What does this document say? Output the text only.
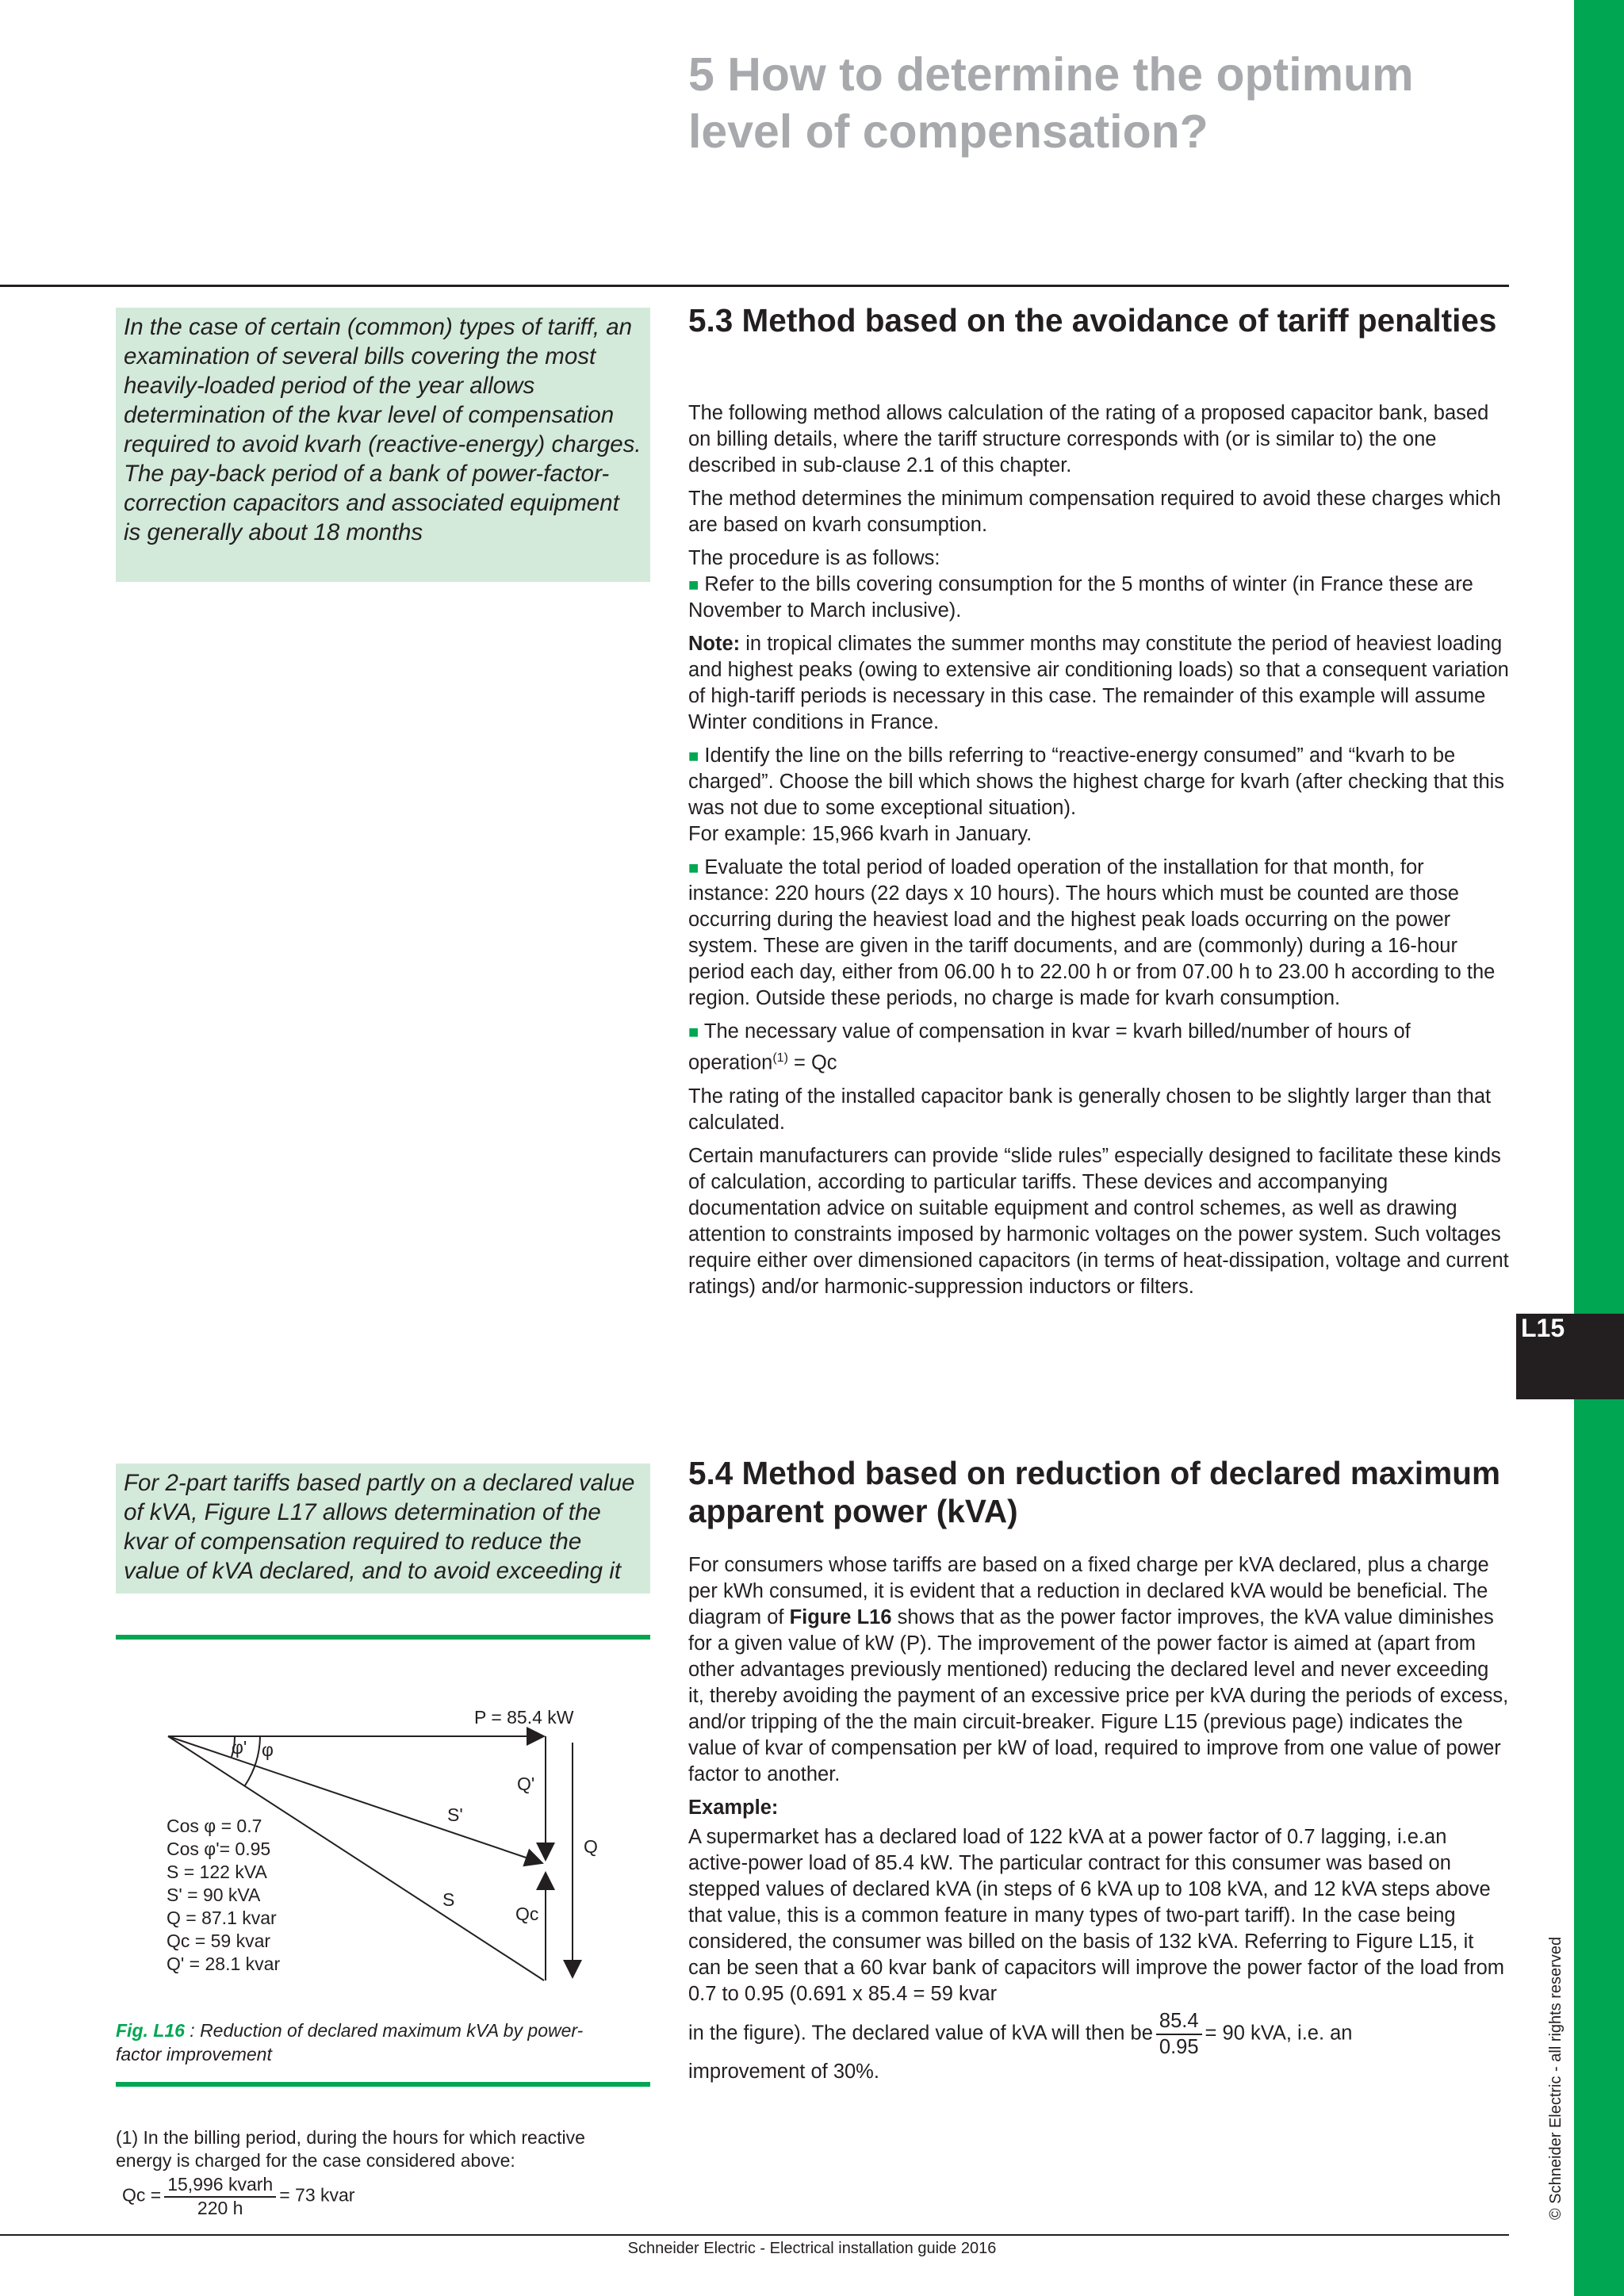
L15
© Schneider Electric - all rights reserved
5 How to determine the optimum level of compensation?
In the case of certain (common) types of tariff, an examination of several bills covering the most heavily-loaded period of the year allows determination of the kvar level of compensation required to avoid kvarh (reactive-energy) charges. The pay-back period of a bank of power-factor-correction capacitors and associated equipment is generally about 18 months
5.3 Method based on the avoidance of tariff penalties

The following method allows calculation of the rating of a proposed capacitor bank, based on billing details, where the tariff structure corresponds with (or is similar to) the one described in sub-clause 2.1 of this chapter.

The method determines the minimum compensation required to avoid these charges which are based on kvarh consumption.

The procedure is as follows:
■ Refer to the bills covering consumption for the 5 months of winter (in France these are November to March inclusive).

Note: in tropical climates the summer months may constitute the period of heaviest loading and highest peaks (owing to extensive air conditioning loads) so that a consequent variation of high-tariff periods is necessary in this case. The remainder of this example will assume Winter conditions in France.

■ Identify the line on the bills referring to “reactive-energy consumed” and “kvarh to be charged”. Choose the bill which shows the highest charge for kvarh (after checking that this was not due to some exceptional situation).
For example: 15,966 kvarh in January.

■ Evaluate the total period of loaded operation of the installation for that month, for instance: 220 hours (22 days x 10 hours). The hours which must be counted are those occurring during the heaviest load and the highest peak loads occurring on the power system. These are given in the tariff documents, and are (commonly) during a 16-hour period each day, either from 06.00 h to 22.00 h or from 07.00 h to 23.00 h according to the region. Outside these periods, no charge is made for kvarh consumption.

■ The necessary value of compensation in kvar = kvarh billed/number of hours of operation$^{(1)}$ = Qc

The rating of the installed capacitor bank is generally chosen to be slightly larger than that calculated.

Certain manufacturers can provide “slide rules” especially designed to facilitate these kinds of calculation, according to particular tariffs. These devices and accompanying documentation advice on suitable equipment and control schemes, as well as drawing attention to constraints imposed by harmonic voltages on the power system. Such voltages require either over dimensioned capacitors (in terms of heat-dissipation, voltage and current ratings) and/or harmonic-suppression inductors or filters.

For 2-part tariffs based partly on a declared value of kVA, Figure L17 allows determination of the kvar of compensation required to reduce the value of kVA declared, and to avoid exceeding it
5.4 Method based on reduction of declared maximum apparent power (kVA)

For consumers whose tariffs are based on a fixed charge per kVA declared, plus a charge per kWh consumed, it is evident that a reduction in declared kVA would be beneficial. The diagram of Figure L16 shows that as the power factor improves, the kVA value diminishes for a given value of kW (P). The improvement of the power factor is aimed at (apart from other advantages previously mentioned) reducing the declared level and never exceeding it, thereby avoiding the payment of an excessive price per kVA during the periods of excess, and/or tripping of the the main circuit-breaker. Figure L15 (previous page) indicates the value of kvar of compensation per kW of load, required to improve from one value of power factor to another.

Example:

A supermarket has a declared load of 122 kVA at a power factor of 0.7 lagging, i.e.an active-power load of 85.4 kW. The particular contract for this consumer was based on stepped values of declared kVA (in steps of 6 kVA up to 108 kVA, and 12 kVA steps above that value, this is a common feature in many types of two-part tariff). In the case being considered, the consumer was billed on the basis of 132 kVA. Referring to Figure L15, it can be seen that a 60 kvar bank of capacitors will improve the power factor of the load from 0.7 to 0.95 (0.691 x 85.4 = 59 kvar

in the figure). The declared value of kVA will then be $\frac{85.4}{0.95} = 90$ kVA, i.e. an
improvement of 30%.

P = 85.4 kW
φ' φ
S'
S
Q'
Q
Qc
Cos φ = 0.7
Cos φ'= 0.95
S = 122 kVA
S' = 90 kVA
Q = 87.1 kvar
Qc = 59 kvar
Q' = 28.1 kvar
Fig. L16 : Reduction of declared maximum kVA by power-factor improvement
(1) In the billing period, during the hours for which reactive energy is charged for the case considered above:
$Qc = \frac{\text{15,996 kvarh}}{220 h} = 73$ kvar
Schneider Electric - Electrical installation guide 2016
